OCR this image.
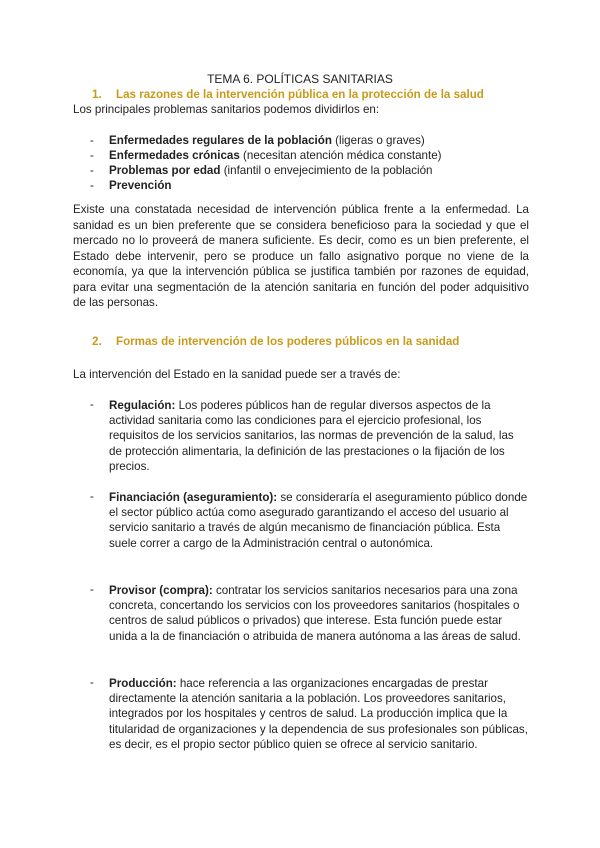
TEMA 6. POLÍTICAS SANITARIAS

1. Las razones de la intervención pública en la protección de la salud

Los principales problemas sanitarios podemos dividirlos en:

- Enfermedades regulares de la población (ligeras o graves)

- Enfermedades crónicas (necesitan atención médica constante)

- Problemas por edad (infantil o envejecimiento de la población

- Prevención

Existe una constatada necesidad de intervención pública frente a la enfermedad. La sanidad es un bien preferente que se considera beneficioso para la sociedad y que el mercado no lo proveerá de manera suficiente. Es decir, como es un bien preferente, el Estado debe intervenir, pero se produce un fallo asignativo porque no viene de la economía, ya que la intervención pública se justifica también por razones de equidad, para evitar una segmentación de la atención sanitaria en función del poder adquisitivo de las personas.

2. Formas de intervención de los poderes públicos en la sanidad

La intervención del Estado en la sanidad puede ser a través de:

- Regulación: Los poderes públicos han de regular diversos aspectos de la actividad sanitaria como las condiciones para el ejercicio profesional, los requisitos de los servicios sanitarios, las normas de prevención de la salud, las de protección alimentaria, la definición de las prestaciones o la fijación de los precios.

- Financiación (aseguramiento): se consideraría el aseguramiento público donde el sector público actúa como asegurado garantizando el acceso del usuario al servicio sanitario a través de algún mecanismo de financiación pública. Esta suele correr a cargo de la Administración central o autonómica.

- Provisor (compra): contratar los servicios sanitarios necesarios para una zona concreta, concertando los servicios con los proveedores sanitarios (hospitales o centros de salud públicos o privados) que interese. Esta función puede estar unida a la de financiación o atribuida de manera autónoma a las áreas de salud.

- Producción: hace referencia a las organizaciones encargadas de prestar directamente la atención sanitaria a la población. Los proveedores sanitarios, integrados por los hospitales y centros de salud. La producción implica que la titularidad de organizaciones y la dependencia de sus profesionales son públicas, es decir, es el propio sector público quien se ofrece al servicio sanitario.
